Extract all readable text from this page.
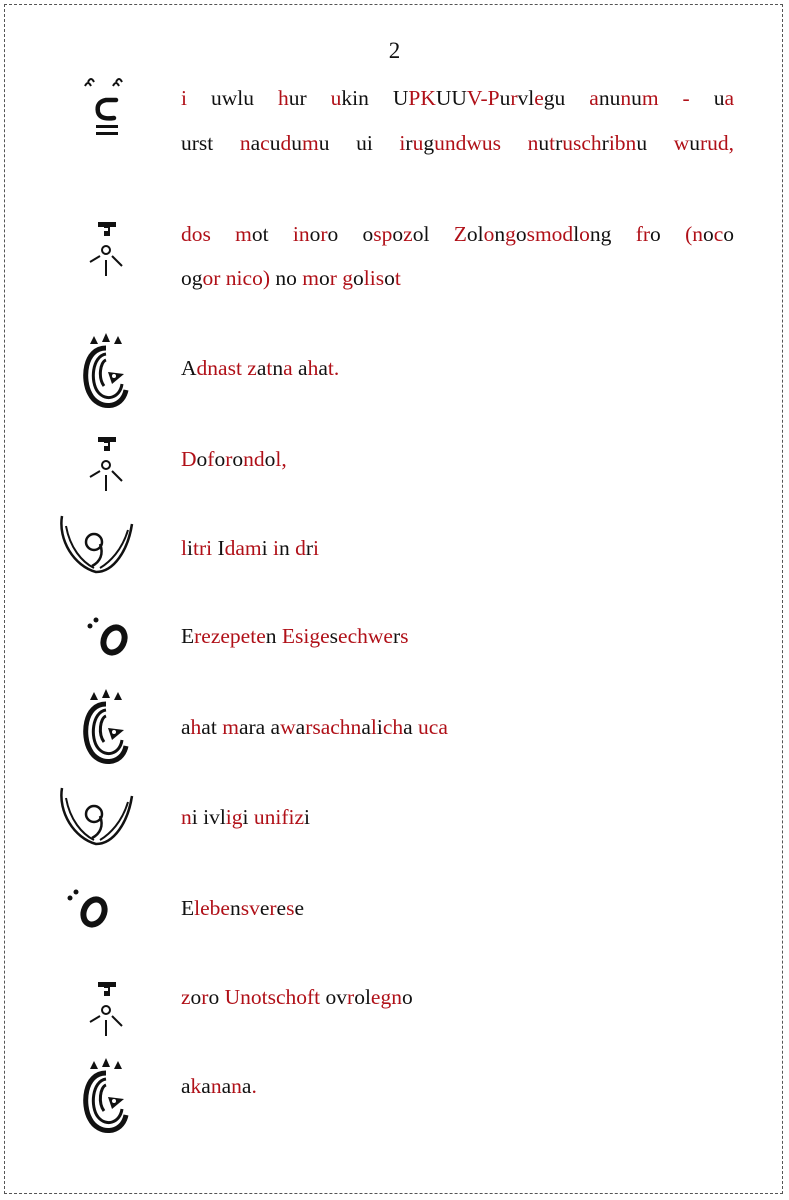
2
i uwlu hur ukin UPKUUV-Purvlegu anunum - ua
urst nacudumu ui irugundwus nutruschribnu wurud,
dos mot inoro ospozol Zolongosmodlong fro (noco
ogor nico) no mor golisot
Adnast zatna ahat.
Doforondol,
litri Idami in dri
Erezepeten Esigesechwers
ahat mara awarsachnalicha uca
ni ivligi unifizi
Elebensverese
zoro Unotschoft ovrolegno
akanana.
